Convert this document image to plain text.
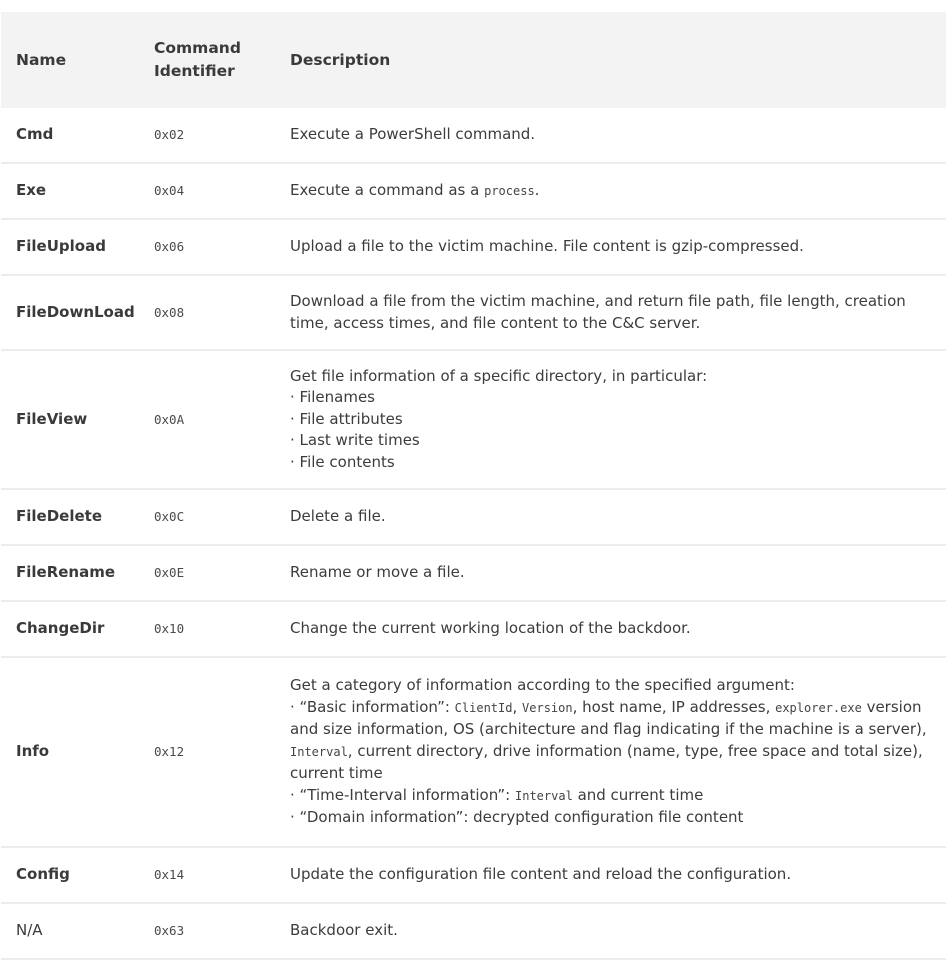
Name	Command Identifier	Description
Cmd	0x02	Execute a PowerShell command.
Exe	0x04	Execute a command as a process.
FileUpload	0x06	Upload a file to the victim machine. File content is gzip-compressed.
FileDownLoad	0x08	Download a file from the victim machine, and return file path, file length, creation time, access times, and file content to the C&C server.
FileView	0x0A	Get file information of a specific directory, in particular:
· Filenames
· File attributes
· Last write times
· File contents

FileDelete	0x0C	Delete a file.
FileRename	0x0E	Rename or move a file.
ChangeDir	0x10	Change the current working location of the backdoor.
Info	0x12	Get a category of information according to the specified argument:
· “Basic information”: ClientId, Version, host name, IP addresses, explorer.exe version and size information, OS (architecture and flag indicating if the machine is a server), Interval, current directory, drive information (name, type, free space and total size), current time
· “Time-Interval information”: Interval and current time
· “Domain information”: decrypted configuration file content

Config	0x14	Update the configuration file content and reload the configuration.
N/A	0x63	Backdoor exit.
